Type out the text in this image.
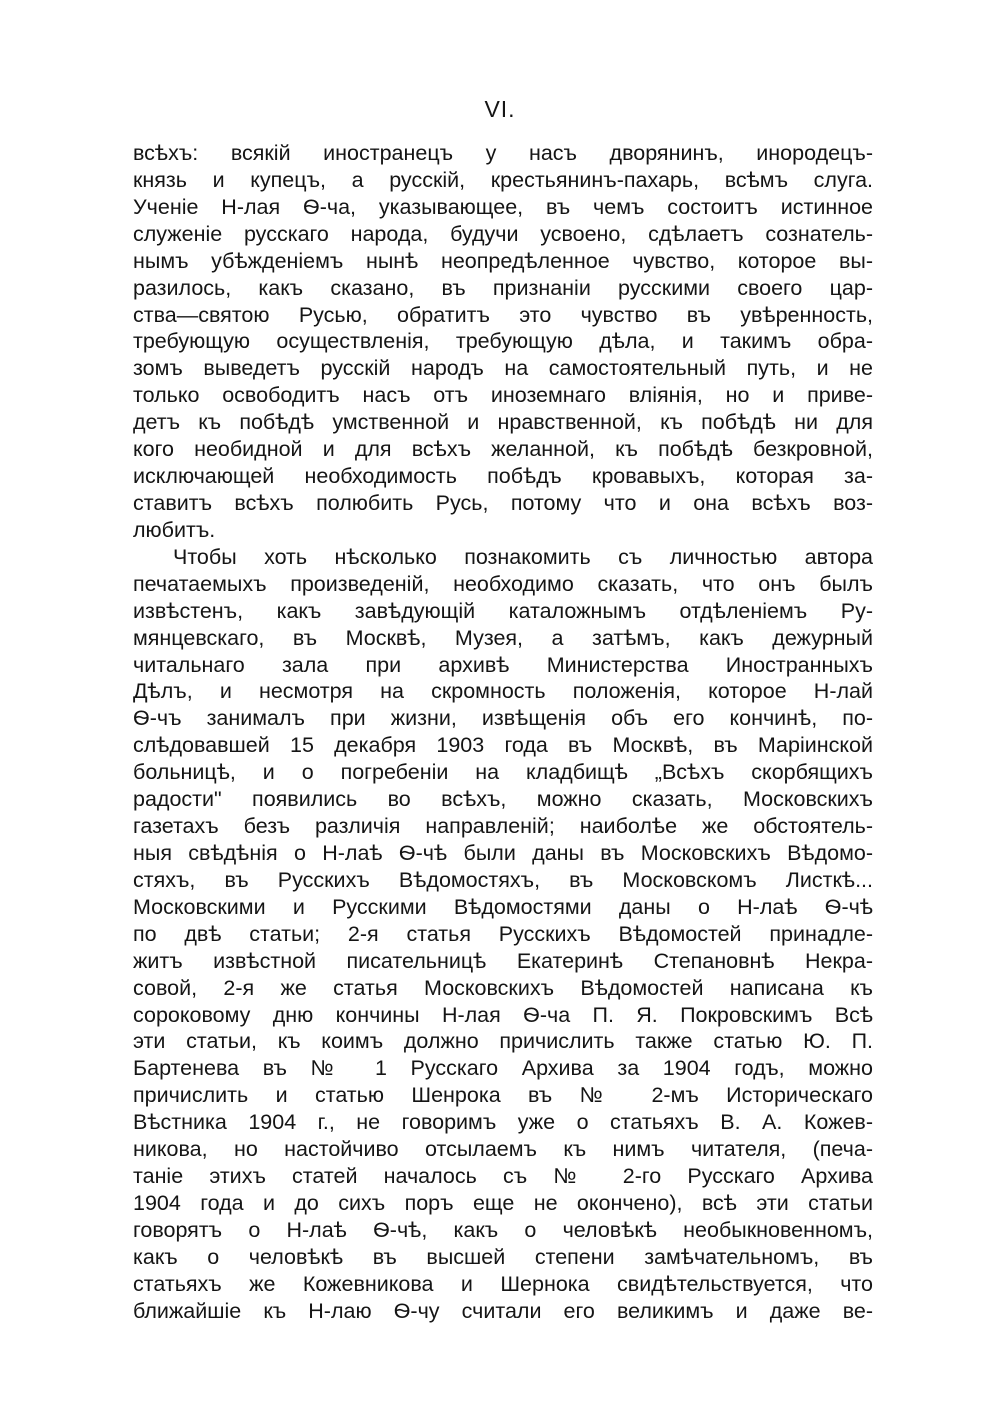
VI.
всѣхъ: всякій иностранецъ у насъ дворянинъ, инородецъ-
князь и купецъ, а русскій, крестьянинъ-пахарь, всѣмъ слуга.
Ученіе Н-лая Ѳ-ча, указывающее, въ чемъ состоитъ истинное
служеніе русскаго народа, будучи усвоено, сдѣлаетъ сознатель-
нымъ убѣжденіемъ нынѣ неопредѣленное чувство, которое вы-
разилось, какъ сказано, въ признаніи русскими своего цар-
ства—святою Русью, обратитъ это чувство въ увѣренность,
требующую осуществленія, требующую дѣла, и такимъ обра-
зомъ выведетъ русскій народъ на самостоятельный путь, и не
только освободитъ насъ отъ иноземнаго вліянія, но и приве-
детъ къ побѣдѣ умственной и нравственной, къ побѣдѣ ни для
кого необидной и для всѣхъ желанной, къ побѣдѣ безкровной,
исключающей необходимость побѣдъ кровавыхъ, которая за-
ставитъ всѣхъ полюбить Русь, потому что и она всѣхъ воз-
любитъ.
Чтобы хоть нѣсколько познакомить съ личностью автора
печатаемыхъ произведеній, необходимо сказать, что онъ былъ
извѣстенъ, какъ завѣдующій каталожнымъ отдѣленіемъ Ру-
мянцевскаго, въ Москвѣ, Музея, а затѣмъ, какъ дежурный
читальнаго зала при архивѣ Министерства Иностранныхъ
Дѣлъ, и несмотря на скромность положенія, которое Н-лай
Ѳ-чъ занималъ при жизни, извѣщенія объ его кончинѣ, по-
слѣдовавшей 15 декабря 1903 года въ Москвѣ, въ Маріинской
больницѣ, и о погребеніи на кладбищѣ „Всѣхъ скорбящихъ
радости" появились во всѣхъ, можно сказать, Московскихъ
газетахъ безъ различія направленій; наиболѣе же обстоятель-
ныя свѣдѣнія о Н-лаѣ Ѳ-чѣ были даны въ Московскихъ Вѣдомо-
стяхъ, въ Русскихъ Вѣдомостяхъ, въ Московскомъ Листкѣ...
Московскими и Русскими Вѣдомостями даны о Н-лаѣ Ѳ-чѣ
по двѣ статьи; 2-я статья Русскихъ Вѣдомостей принадле-
житъ извѣстной писательницѣ Екатеринѣ Степановнѣ Некра-
совой, 2-я же статья Московскихъ Вѣдомостей написана къ
сороковому дню кончины Н-лая Ѳ-ча П. Я. Покровскимъ Всѣ
эти статьи, къ коимъ должно причислить также статью Ю. П.
Бартенева въ № 1 Русскаго Архива за 1904 годъ, можно
причислить и статью Шенрока въ № 2-мъ Историческаго
Вѣстника 1904 г., не говоримъ уже о статьяхъ В. А. Кожев-
никова, но настойчиво отсылаемъ къ нимъ читателя, (печа-
таніе этихъ статей началось съ № 2-го Русскаго Архива
1904 года и до сихъ поръ еще не окончено), всѣ эти статьи
говорятъ о Н-лаѣ Ѳ-чѣ, какъ о человѣкѣ необыкновенномъ,
какъ о человѣкѣ въ высшей степени замѣчательномъ, въ
статьяхъ же Кожевникова и Шернока свидѣтельствуется, что
ближайшіе къ Н-лаю Ѳ-чу считали его великимъ и даже ве-
